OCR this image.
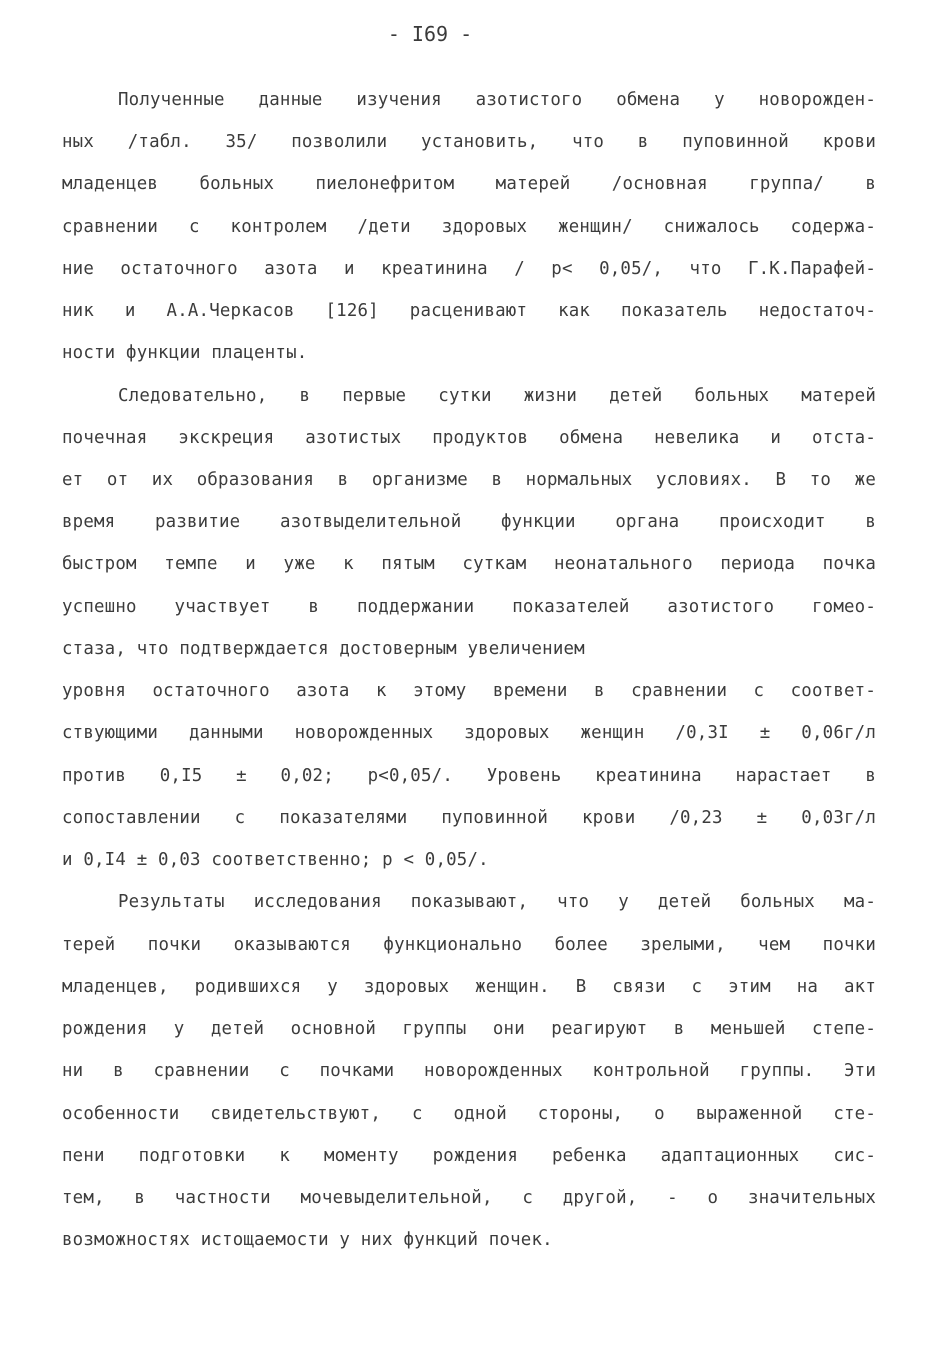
- I69 -
Полученные данные изучения азотистого обмена у новорожден-
ных /табл. 35/ позволили установить, что в пуповинной крови
младенцев больных пиелонефритом матерей /основная группа/ в
сравнении с контролем /дети здоровых женщин/ снижалось содержа-
ние остаточного азота и креатинина / р< 0,05/, что Г.К.Парафей-
ник и А.А.Черкасов [126] расценивают как показатель недостаточ-
ности функции плаценты.
Следовательно, в первые сутки жизни детей больных матерей
почечная экскреция азотистых продуктов обмена невелика и отста-
ет от их образования в организме в нормальных условиях. В то же
время развитие азотвыделительной функции органа происходит в
быстром темпе и уже к пятым суткам неонатального периода почка
успешно участвует в поддержании показателей азотистого гомео-
стаза, что подтверждается достоверным увеличением
уровня остаточного азота к этому времени в сравнении с соответ-
ствующими данными новорожденных здоровых женщин /0,3I ± 0,06г/л
против 0,I5 ± 0,02; р<0,05/. Уровень креатинина нарастает в
сопоставлении с показателями пуповинной крови /0,23 ± 0,03г/л
и 0,I4 ± 0,03 соответственно; р < 0,05/.
Результаты исследования показывают, что у детей больных ма-
терей почки оказываются функционально более зрелыми, чем почки
младенцев, родившихся у здоровых женщин. В связи с этим на акт
рождения у детей основной группы они реагируют в меньшей степе-
ни в сравнении с почками новорожденных контрольной группы. Эти
особенности свидетельствуют, с одной стороны, о выраженной сте-
пени подготовки к моменту рождения ребенка адаптационных сис-
тем, в частности мочевыделительной, с другой, - о значительных
возможностях истощаемости у них функций почек.
